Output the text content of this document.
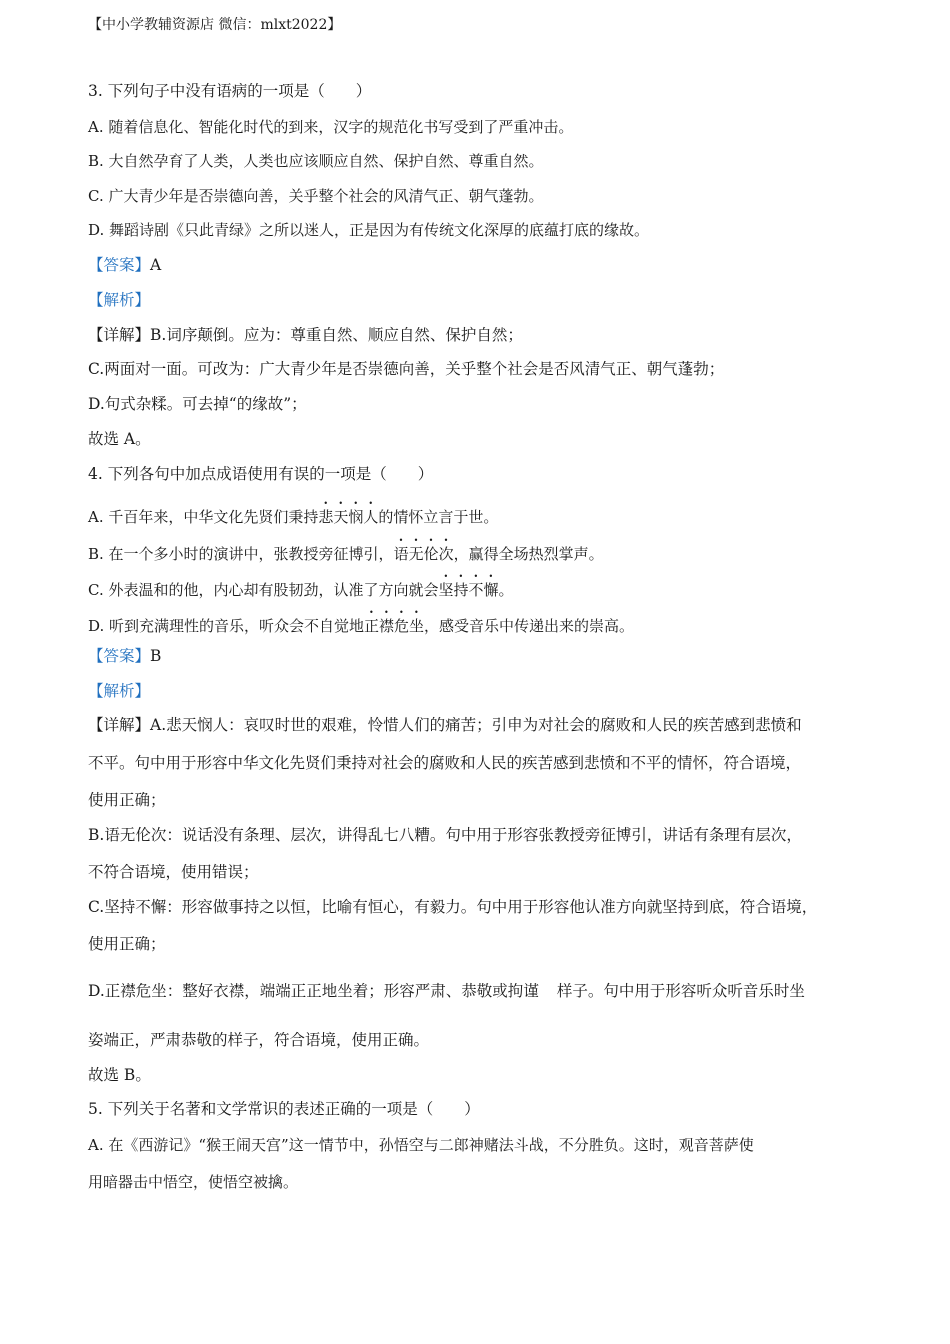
【中小学教辅资源店 微信：mlxt2022】
3. 下列句子中没有语病的一项是（　　）
A. 随着信息化、智能化时代的到来，汉字的规范化书写受到了严重冲击。
B. 大自然孕育了人类，人类也应该顺应自然、保护自然、尊重自然。
C. 广大青少年是否崇德向善，关乎整个社会的风清气正、朝气蓬勃。
D. 舞蹈诗剧《只此青绿》之所以迷人，正是因为有传统文化深厚的底蕴打底的缘故。
【答案】A
【解析】
【详解】B.词序颠倒。应为：尊重自然、顺应自然、保护自然；
C.两面对一面。可改为：广大青少年是否崇德向善，关乎整个社会是否风清气正、朝气蓬勃；
D.句式杂糅。可去掉“的缘故”；
故选 A。
4. 下列各句中加点成语使用有误的一项是（　　）
A. 千百年来，中华文化先贤们秉持悲天悯人的情怀立言于世。
B. 在一个多小时的演讲中，张教授旁征博引，语无伦次，赢得全场热烈掌声。
C. 外表温和的他，内心却有股韧劲，认准了方向就会坚持不懈。
D. 听到充满理性的音乐，听众会不自觉地正襟危坐，感受音乐中传递出来的崇高。
【答案】B
【解析】
【详解】A.悲天悯人：哀叹时世的艰难，怜惜人们的痛苦；引申为对社会的腐败和人民的疾苦感到悲愤和
不平。句中用于形容中华文化先贤们秉持对社会的腐败和人民的疾苦感到悲愤和不平的情怀，符合语境，
使用正确；
B.语无伦次：说话没有条理、层次，讲得乱七八糟。句中用于形容张教授旁征博引，讲话有条理有层次，
不符合语境，使用错误；
C.坚持不懈：形容做事持之以恒，比喻有恒心，有毅力。句中用于形容他认准方向就坚持到底，符合语境，
使用正确；
D.正襟危坐：整好衣襟，端端正正地坐着；形容严肃、恭敬或拘谨 样子。句中用于形容听众听音乐时坐
姿端正，严肃恭敬的样子，符合语境，使用正确。
故选 B。
5. 下列关于名著和文学常识的表述正确的一项是（　　）
A. 在《西游记》“猴王闹天宫”这一情节中，孙悟空与二郎神赌法斗战，不分胜负。这时，观音菩萨使
用暗器击中悟空，使悟空被擒。
